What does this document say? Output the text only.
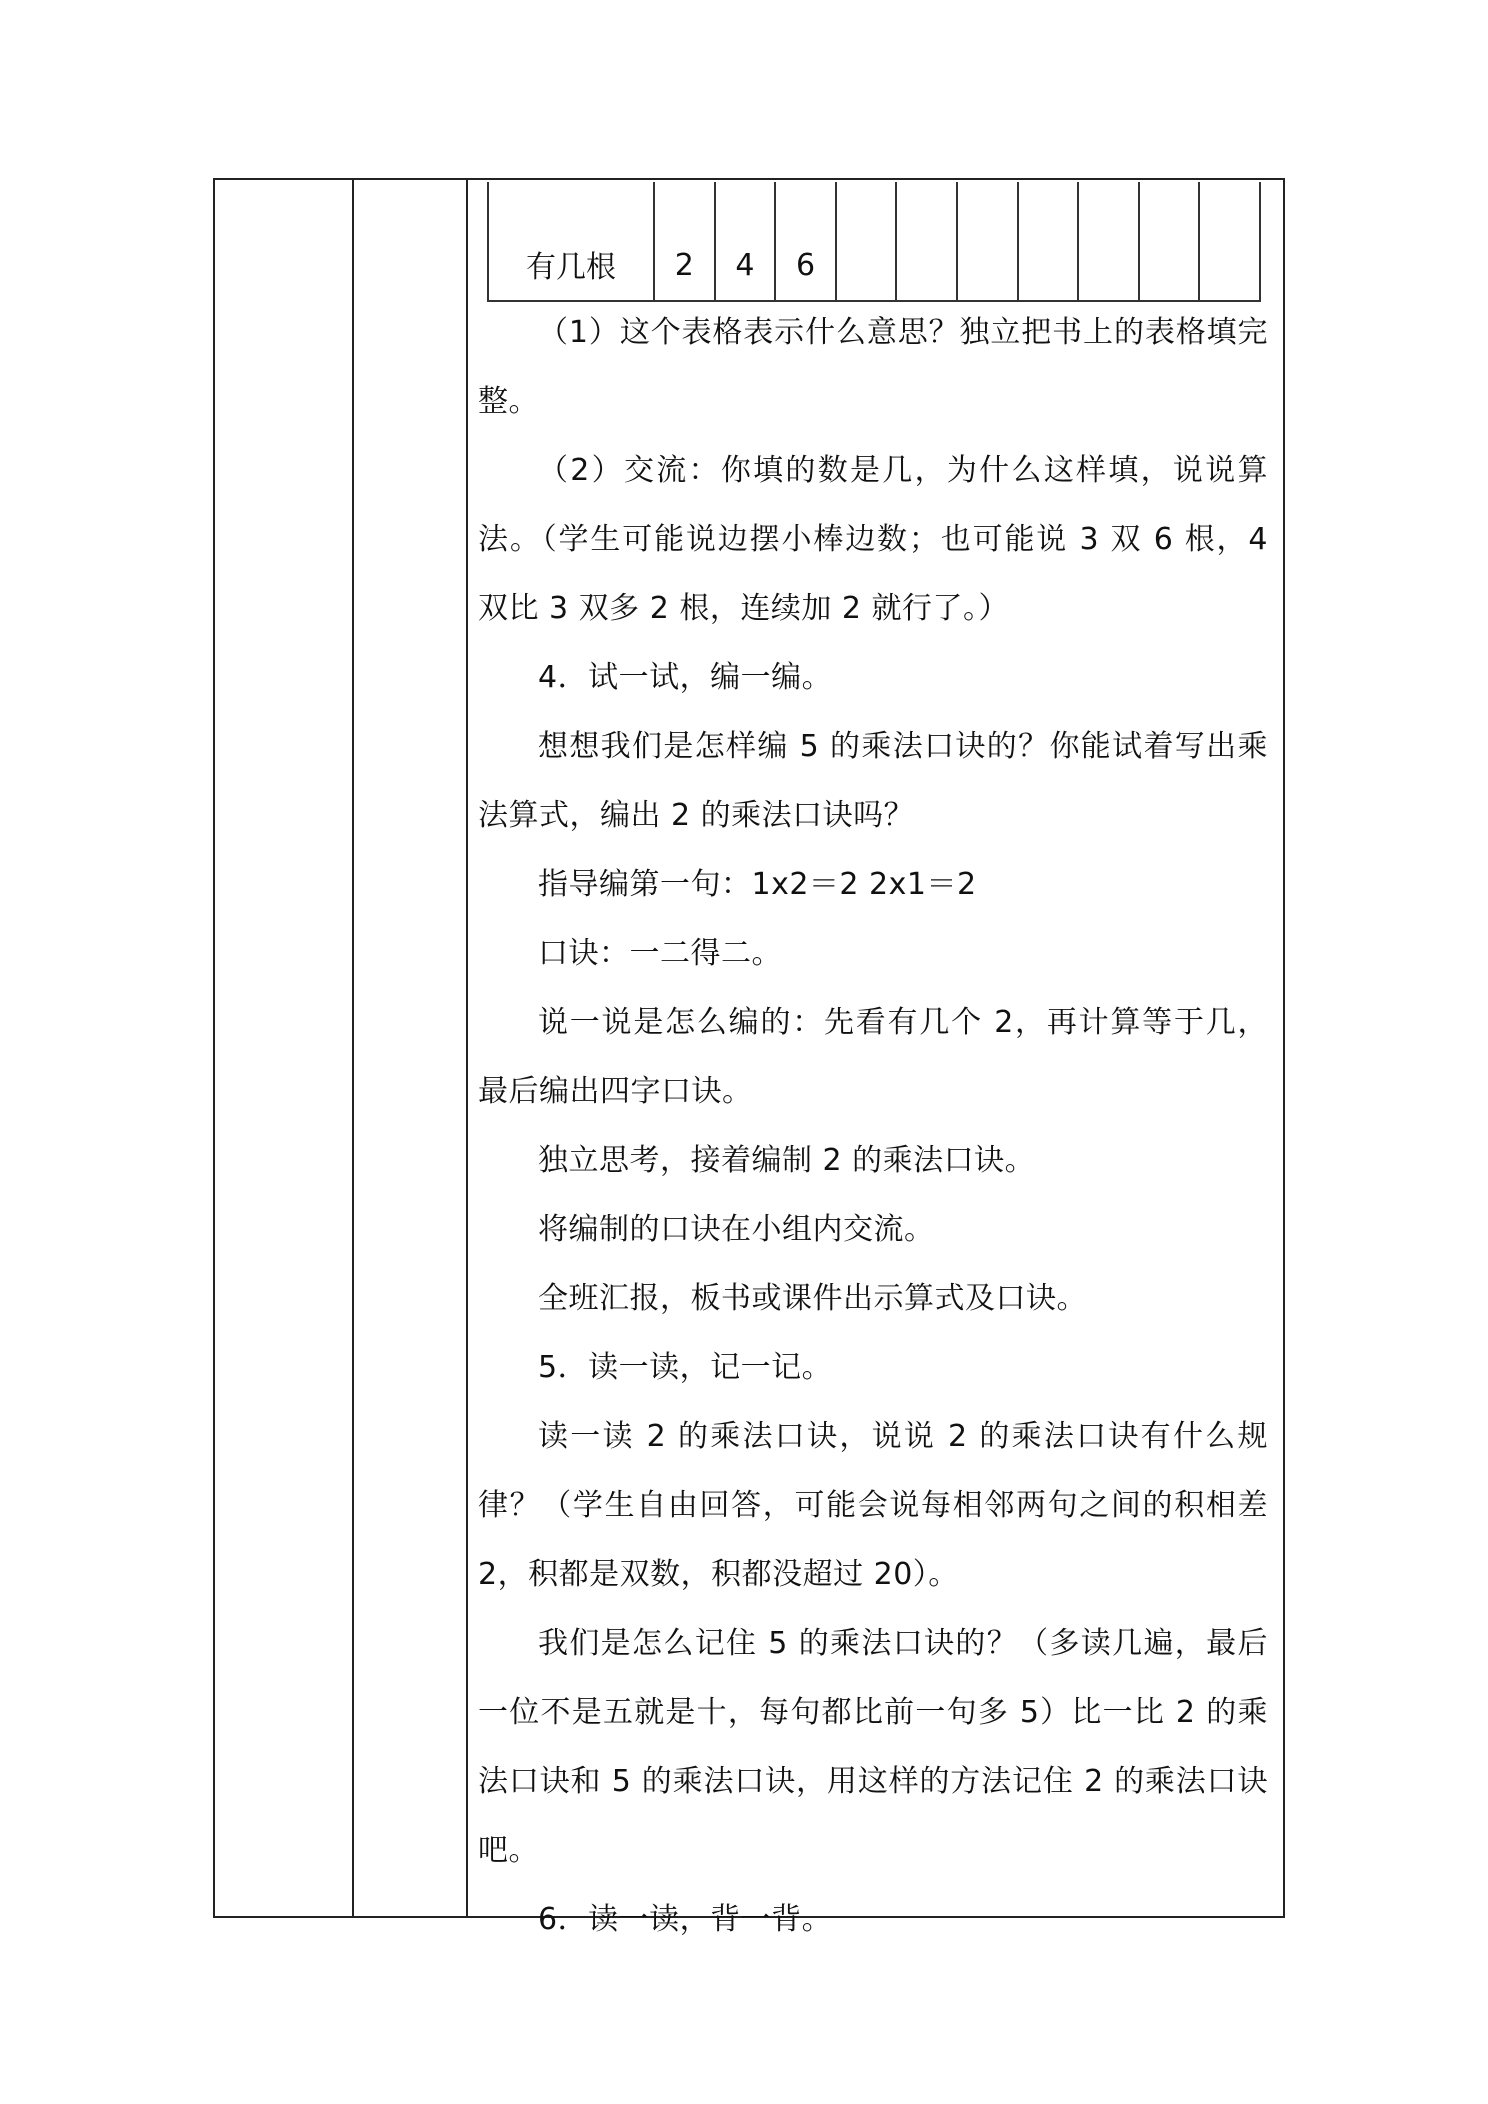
有几根	2	4	6							

（1）这个表格表示什么意思？独立把书上的表格填完整。

（2）交流：你填的数是几，为什么这样填，说说算法。（学生可能说边摆小棒边数；也可能说 3 双 6 根，4 双比 3 双多 2 根，连续加 2 就行了。）

4．试一试，编一编。

想想我们是怎样编 5 的乘法口诀的？你能试着写出乘法算式，编出 2 的乘法口诀吗？

指导编第一句：1x2＝2 2x1＝2

口诀：一二得二。

说一说是怎么编的：先看有几个 2，再计算等于几，最后编出四字口诀。

独立思考，接着编制 2 的乘法口诀。

将编制的口诀在小组内交流。

全班汇报，板书或课件出示算式及口诀。

5．读一读，记一记。

读一读 2 的乘法口诀，说说 2 的乘法口诀有什么规律？（学生自由回答，可能会说每相邻两句之间的积相差 2，积都是双数，积都没超过 20）。

我们是怎么记住 5 的乘法口诀的？（多读几遍，最后一位不是五就是十，每句都比前一句多 5）比一比 2 的乘法口诀和 5 的乘法口诀，用这样的方法记住 2 的乘法口诀吧。

6．读一读，背一背。
